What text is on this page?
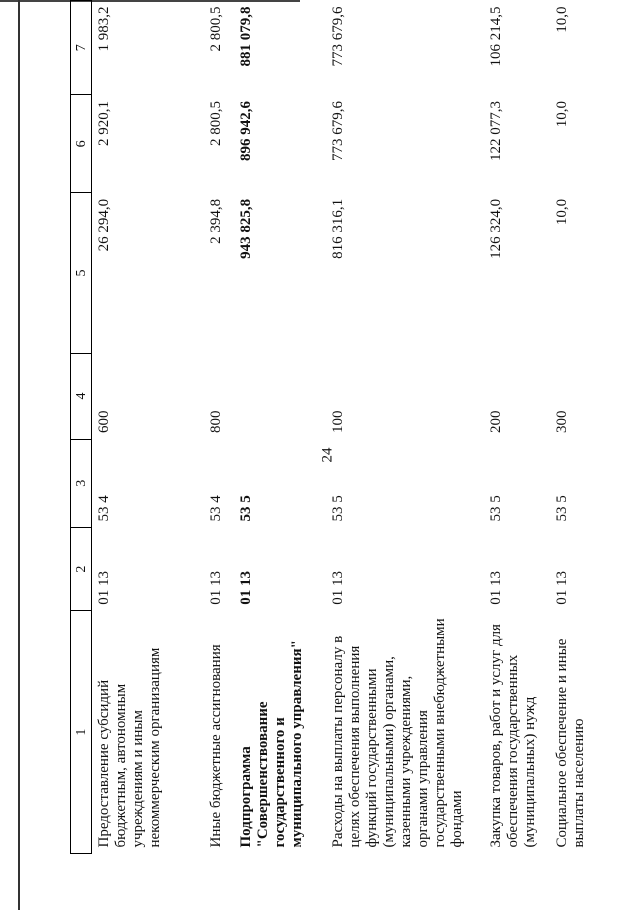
24
1	2	3	4	5	6	7
Предоставление субсидий бюджетным, автономным учреждениям и иным некоммерческим организациям	01 13	53 4	600	26 294,0	2 920,1	1 983,2
Иные бюджетные ассигнования	01 13	53 4	800	2 394,8	2 800,5	2 800,5
Подпрограмма "Совершенствование государственного и муниципального управления"	01 13	53 5		943 825,8	896 942,6	881 079,8
Расходы на выплаты персоналу в целях обеспечения выполнения функций государственными (муниципальными) органами, казенными учреждениями, органами управления государственными внебюджетными фондами	01 13	53 5	100	816 316,1	773 679,6	773 679,6
Закупка товаров, работ и услуг для обеспечения государственных (муниципальных) нужд	01 13	53 5	200	126 324,0	122 077,3	106 214,5
Социальное обеспечение и иные выплаты населению	01 13	53 5	300	10,0	10,0	10,0
